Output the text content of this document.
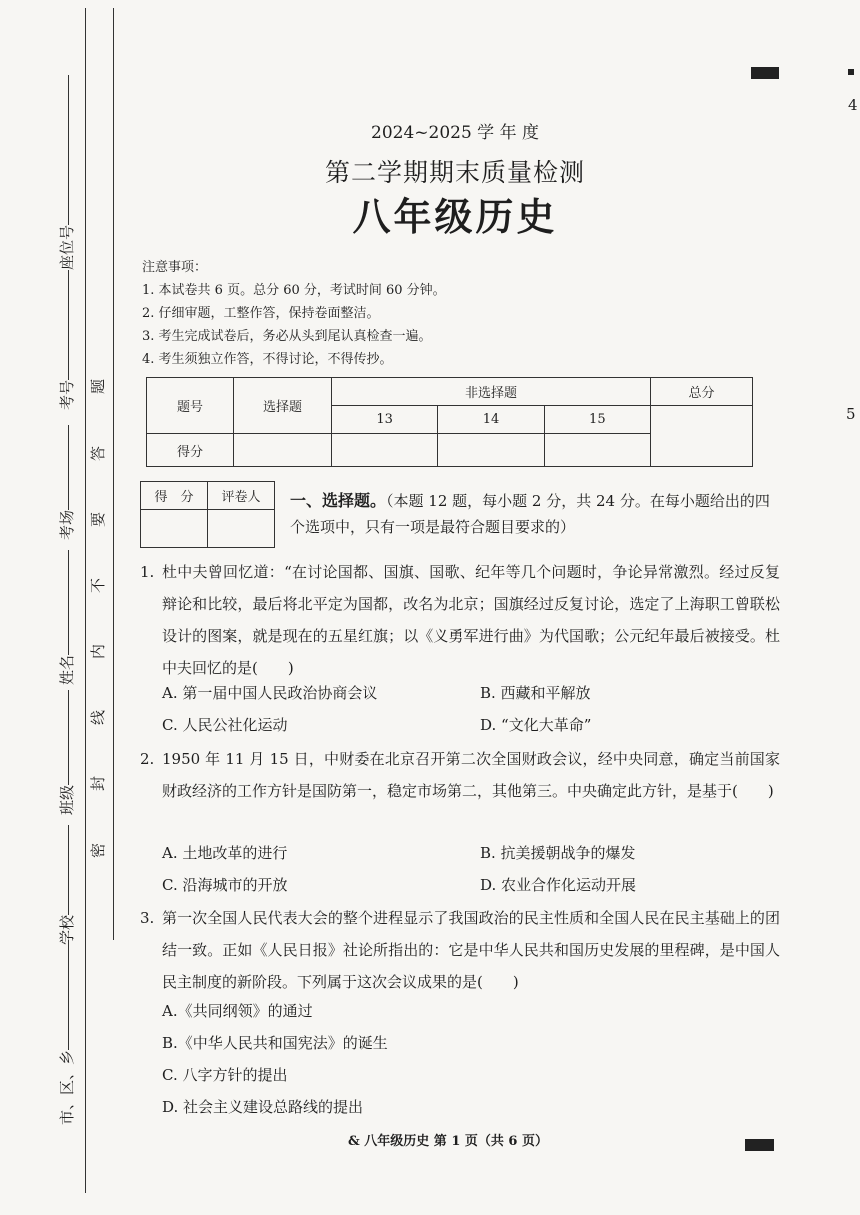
座位号
考号
考场
姓名
班级
学校
市、区、乡
题
答
要
不
内
线
封
密
4
5
2024~2025 学 年 度
第二学期期末质量检测
八年级历史
注意事项：
1. 本试卷共 6 页。总分 60 分，考试时间 60 分钟。
2. 仔细审题，工整作答，保持卷面整洁。
3. 考生完成试卷后，务必从头到尾认真检查一遍。
4. 考生须独立作答，不得讨论，不得传抄。
题号	选择题	非选择题			总分
		13	14	15	
得分					
得　分	评卷人
	一、选择题。（本题 12 题，每小题 2 分，共 24 分。在每小题给出的四个选项中，只有一项是最符合题目要求的）
1. 杜中夫曾回忆道：“在讨论国都、国旗、国歌、纪年等几个问题时，争论异常激烈。经过反复辩论和比较，最后将北平定为国都，改名为北京；国旗经过反复讨论，选定了上海职工曾联松设计的图案，就是现在的五星红旗；以《义勇军进行曲》为代国歌；公元纪年最后被接受。杜中夫回忆的是(　　)
A. 第一届中国人民政治协商会议	B. 西藏和平解放
C. 人民公社化运动	D. “文化大革命”
2. 1950 年 11 月 15 日，中财委在北京召开第二次全国财政会议，经中央同意，确定当前国家财政经济的工作方针是国防第一，稳定市场第二，其他第三。中央确定此方针，是基于(　　)
A. 土地改革的进行	B. 抗美援朝战争的爆发
C. 沿海城市的开放	D. 农业合作化运动开展
3. 第一次全国人民代表大会的整个进程显示了我国政治的民主性质和全国人民在民主基础上的团结一致。正如《人民日报》社论所指出的：它是中华人民共和国历史发展的里程碑，是中国人民主制度的新阶段。下列属于这次会议成果的是(　　)
A.《共同纲领》的通过
B.《中华人民共和国宪法》的诞生
C. 八字方针的提出
D. 社会主义建设总路线的提出
& 八年级历史 第 1 页（共 6 页）
